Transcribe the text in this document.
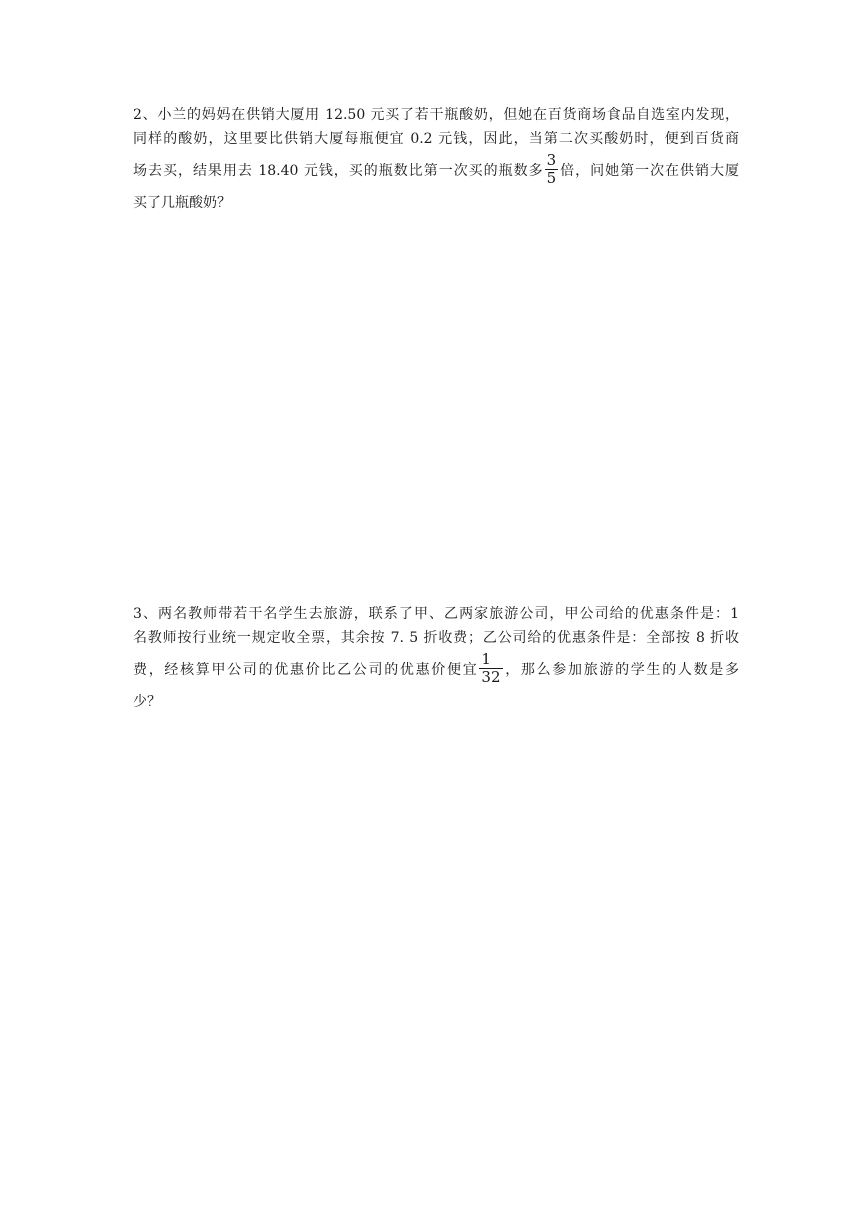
2、小兰的妈妈在供销大厦用 12.50 元买了若干瓶酸奶，但她在百货商场食品自选室内发现，
同样的酸奶，这里要比供销大厦每瓶便宜 0.2 元钱，因此，当第二次买酸奶时，便到百货商
场去买，结果用去 18.40 元钱，买的瓶数比第一次买的瓶数多 $\frac{3}{5}$ 倍，问她第一次在供销大厦
买了几瓶酸奶？
3、两名教师带若干名学生去旅游，联系了甲、乙两家旅游公司，甲公司给的优惠条件是：1
名教师按行业统一规定收全票，其余按 7. 5 折收费；乙公司给的优惠条件是：全部按 8 折收
费，经核算甲公司的优惠价比乙公司的优惠价便宜 $\frac{1}{32}$ ，那么参加旅游的学生的人数是多
少？
